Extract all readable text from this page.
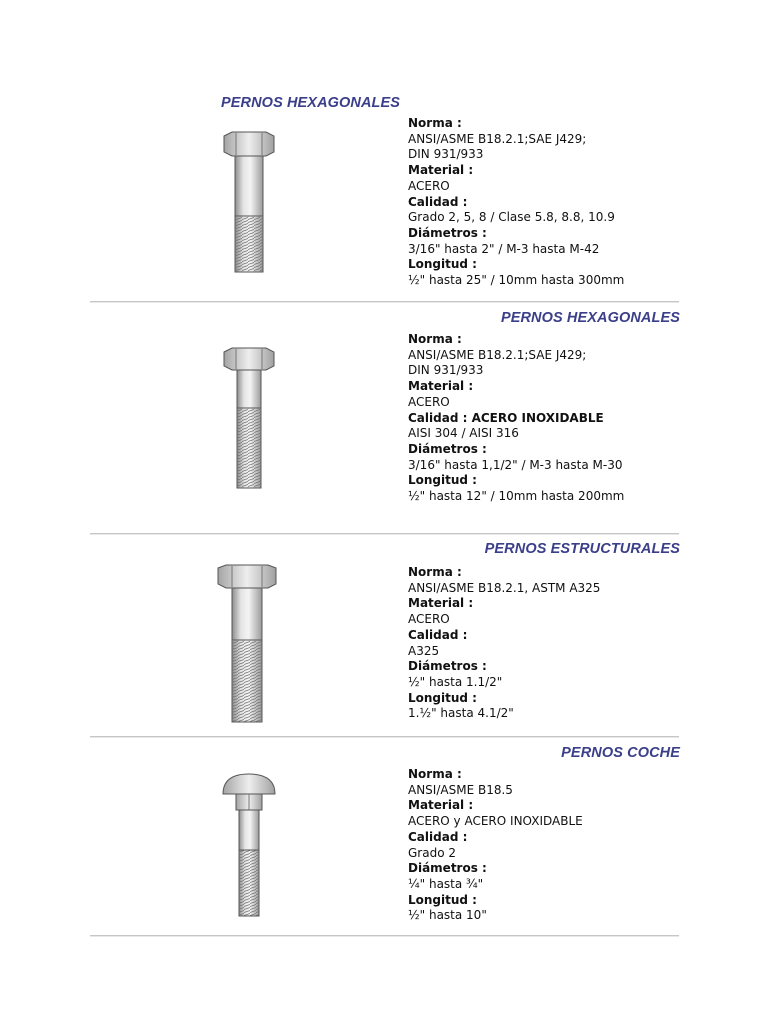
PERNOS HEXAGONALES
Norma :
ANSI/ASME B18.2.1;SAE J429;
DIN 931/933
Material :
ACERO
Calidad :
Grado 2, 5, 8 / Clase 5.8, 8.8, 10.9
Diámetros :
3/16" hasta 2" / M-3 hasta M-42
Longitud :
½" hasta 25" / 10mm hasta 300mm
PERNOS HEXAGONALES
Norma :
ANSI/ASME B18.2.1;SAE J429;
DIN 931/933
Material :
ACERO
Calidad : ACERO INOXIDABLE
AISI 304 / AISI 316
Diámetros :
3/16" hasta 1,1/2" / M-3 hasta M-30
Longitud :
½" hasta 12" / 10mm hasta 200mm
PERNOS ESTRUCTURALES
Norma :
ANSI/ASME B18.2.1, ASTM A325
Material :
ACERO
Calidad :
A325
Diámetros :
½" hasta 1.1/2"
Longitud :
1.½" hasta 4.1/2"
PERNOS COCHE
Norma :
ANSI/ASME B18.5
Material :
ACERO y ACERO INOXIDABLE
Calidad :
Grado 2
Diámetros :
¼" hasta ¾"
Longitud :
½" hasta 10"
